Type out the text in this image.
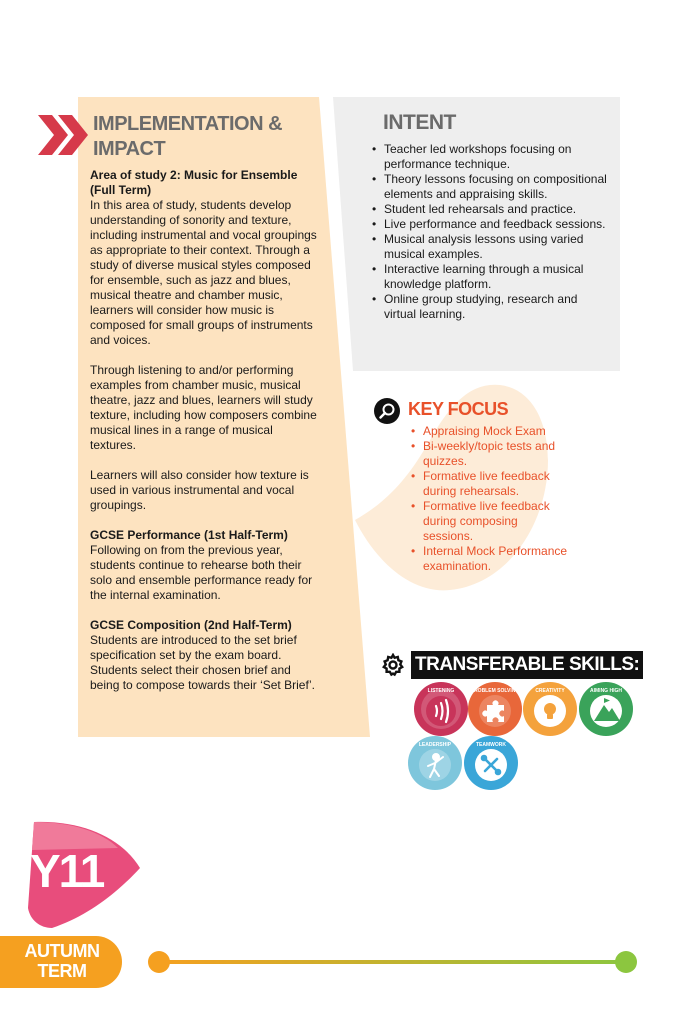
IMPLEMENTATION & IMPACT

Area of study 2: Music for Ensemble (Full Term)
In this area of study, students develop understanding of sonority and texture, including instrumental and vocal groupings as appropriate to their context. Through a study of diverse musical styles composed for ensemble, such as jazz and blues, musical theatre and chamber music, learners will consider how music is composed for small groups of instruments and voices.

Through listening to and/or performing examples from chamber music, musical theatre, jazz and blues, learners will study texture, including how composers combine musical lines in a range of musical textures.

Learners will also consider how texture is used in various instrumental and vocal groupings.

GCSE Performance (1st Half-Term)
Following on from the previous year, students continue to rehearse both their solo and ensemble performance ready for the internal examination.

GCSE Composition (2nd Half-Term)
Students are introduced to the set brief specification set by the exam board. Students select their chosen brief and being to compose towards their ‘Set Brief’.

INTENT
• Teacher led workshops focusing on performance technique.
• Theory lessons focusing on compositional elements and appraising skills.
• Student led rehearsals and practice.
• Live performance and feedback sessions.
• Musical analysis lessons using varied musical examples.
• Interactive learning through a musical knowledge platform.
• Online group studying, research and virtual learning.
KEY FOCUS
• Appraising Mock Exam
• Bi-weekly/topic tests and quizzes.
• Formative live feedback during rehearsals.
• Formative live feedback during composing sessions.
• Internal Mock Performance examination.
TRANSFERABLE SKILLS:
LISTENING	PROBLEM SOLVING	CREATIVITY	AIMING HIGH
LEADERSHIP	TEAMWORK
Y11
AUTUMN
TERM
